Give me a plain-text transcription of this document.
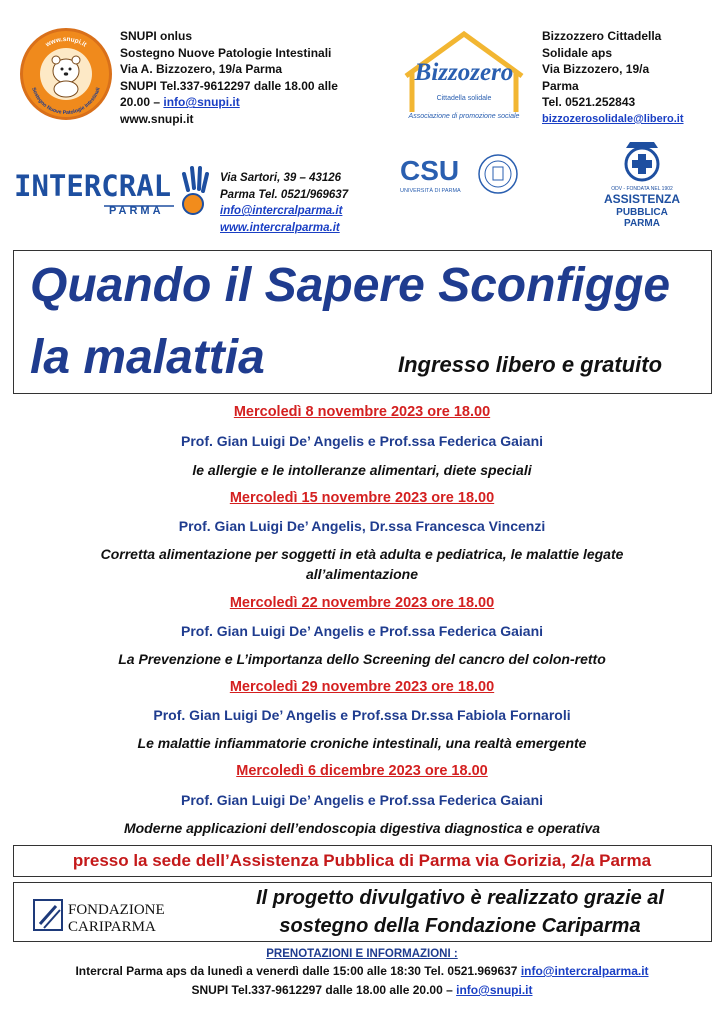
www.snupi.it
Sostegno Nuove Patologie Intestinali
SNUPI onlus
Sostegno Nuove Patologie Intestinali
Via A. Bizzozero, 19/a Parma
SNUPI Tel.337-9612297 dalle 18.00 alle
20.00 – info@snupi.it
www.snupi.it
Bizzozero
Cittadella solidale
Associazione di promozione sociale
Bizzozzero Cittadella
Solidale aps
Via Bizzozero, 19/a
Parma
Tel. 0521.252843
bizzozerosolidale@libero.it
INTERCRAL
PARMA
Via Sartori, 39 – 43126
Parma Tel. 0521/969637
info@intercralparma.it
www.intercralparma.it
CSU
UNIVERSITÀ DI PARMA	ODV - FONDATA NEL 1902
ASSISTENZA
PUBBLICA
PARMA
Quando il Sapere Sconfigge
la malattia	Ingresso libero e gratuito
Mercoledì 8 novembre 2023 ore 18.00
Prof. Gian Luigi De’ Angelis e Prof.ssa Federica Gaiani
le allergie e le intolleranze alimentari, diete speciali
Mercoledì 15 novembre 2023 ore 18.00
Prof. Gian Luigi De’ Angelis, Dr.ssa Francesca Vincenzi
Corretta alimentazione per soggetti in età adulta e pediatrica, le malattie legate
all’alimentazione
Mercoledì 22 novembre 2023 ore 18.00
Prof. Gian Luigi De’ Angelis e Prof.ssa Federica Gaiani
La Prevenzione e L’importanza dello Screening del cancro del colon-retto
Mercoledì 29 novembre 2023 ore 18.00
Prof. Gian Luigi De’ Angelis e Prof.ssa Dr.ssa Fabiola Fornaroli
Le malattie infiammatorie croniche intestinali, una realtà emergente
Mercoledì 6 dicembre 2023 ore 18.00
Prof. Gian Luigi De’ Angelis e Prof.ssa Federica Gaiani
Moderne applicazioni dell’endoscopia digestiva diagnostica e operativa
presso la sede dell’Assistenza Pubblica di Parma via Gorizia, 2/a Parma
FONDAZIONE
CARIPARMA
Il progetto divulgativo è realizzato grazie al
sostegno della Fondazione Cariparma
PRENOTAZIONI E INFORMAZIONI :
Intercral Parma aps da lunedì a venerdì dalle 15:00 alle 18:30 Tel. 0521.969637 info@intercralparma.it
SNUPI Tel.337-9612297 dalle 18.00 alle 20.00 – info@snupi.it
